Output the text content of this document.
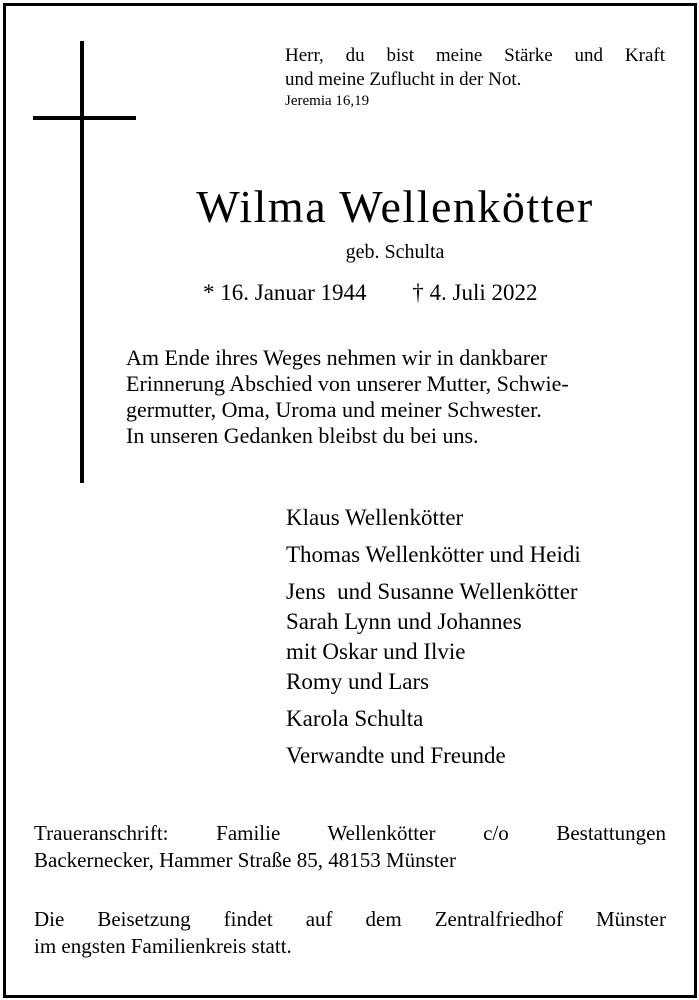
Herr, du bist meine Stärke und Kraft
und meine Zuflucht in der Not.
Jeremia 16,19
Wilma Wellenkötter
geb. Schulta
* 16. Januar 1944 † 4. Juli 2022
Am Ende ihres Weges nehmen wir in dankbarer
Erinnerung Abschied von unserer Mutter, Schwie-
germutter, Oma, Uroma und meiner Schwester.
In unseren Gedanken bleibst du bei uns.
Klaus Wellenkötter
Thomas Wellenkötter und Heidi
Jens  und Susanne Wellenkötter
Sarah Lynn und Johannes
mit Oskar und Ilvie
Romy und Lars
Karola Schulta
Verwandte und Freunde
Traueranschrift: Familie Wellenkötter c/o Bestattungen
Backernecker, Hammer Straße 85, 48153 Münster
Die Beisetzung findet auf dem Zentralfriedhof Münster
im engsten Familienkreis statt.
